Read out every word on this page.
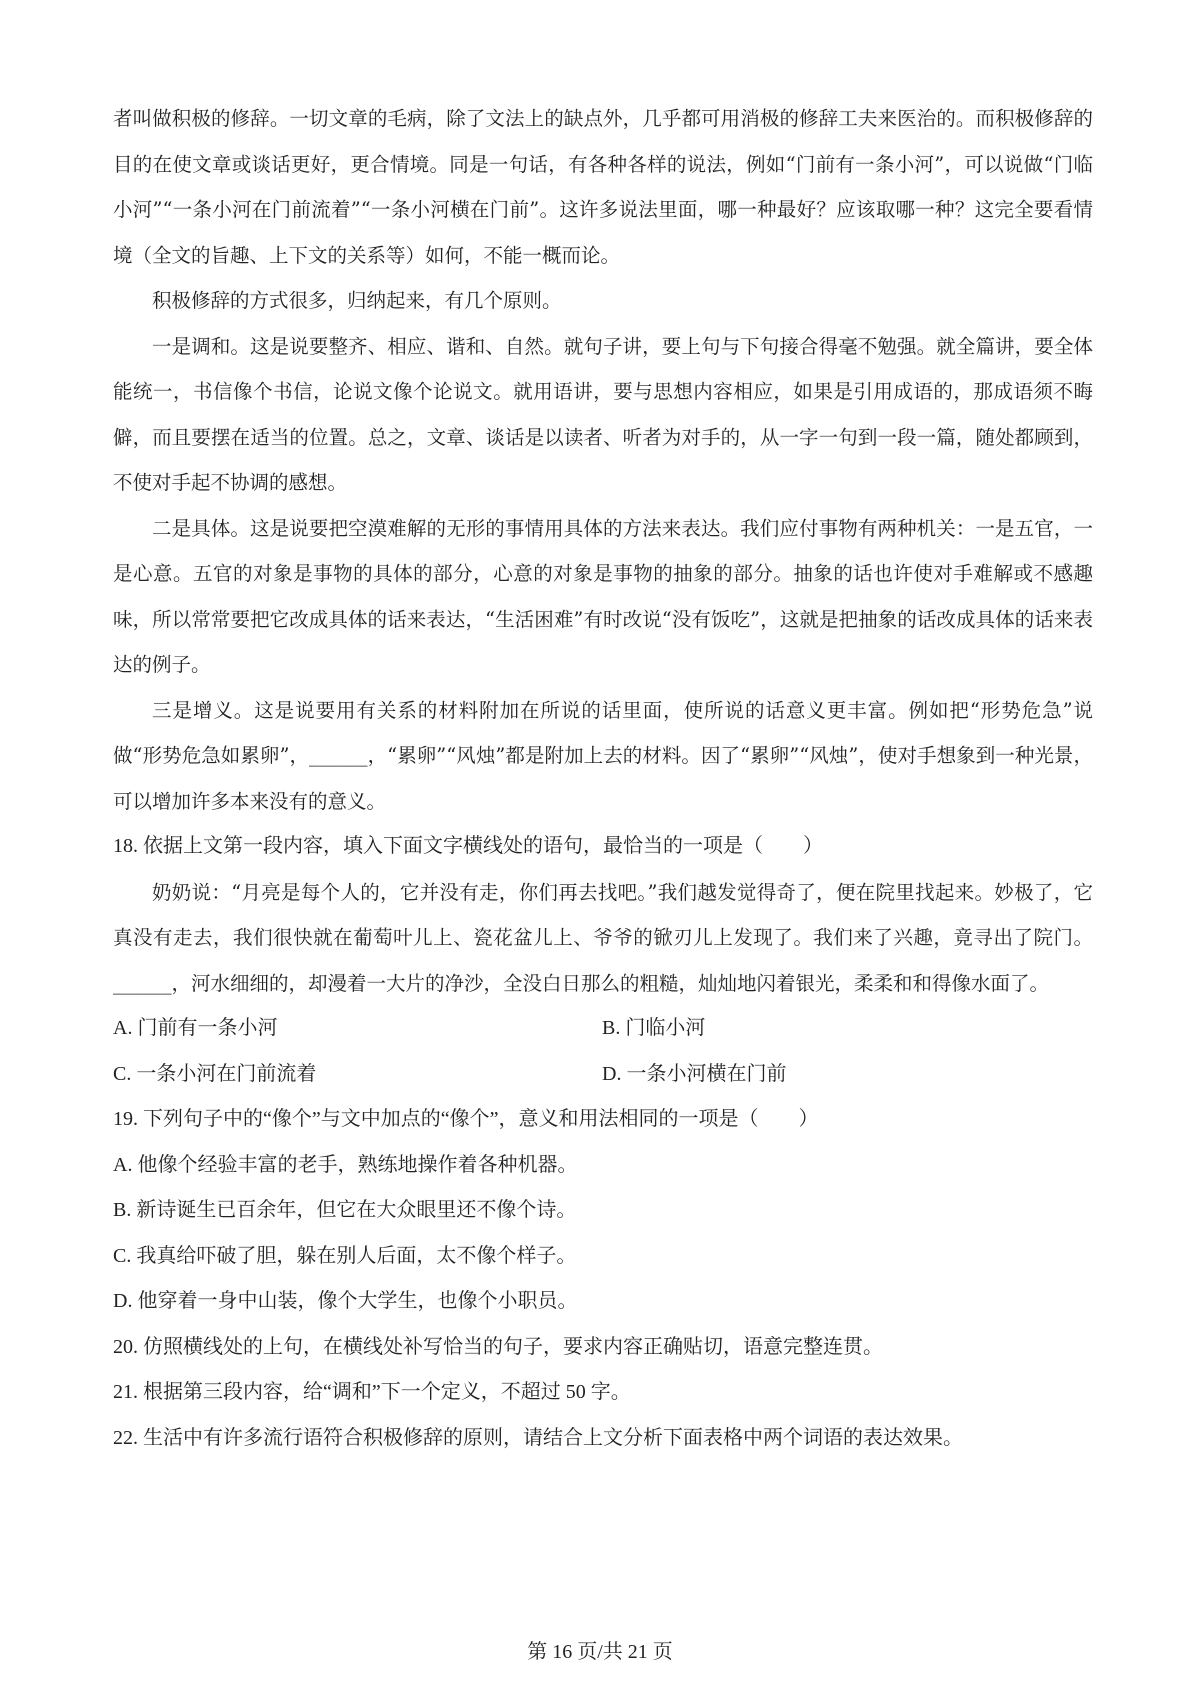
者叫做积极的修辞。一切文章的毛病，除了文法上的缺点外，几乎都可用消极的修辞工夫来医治的。而积极修辞的目的在使文章或谈话更好，更合情境。同是一句话，有各种各样的说法，例如“门前有一条小河”，可以说做“门临小河”“一条小河在门前流着”“一条小河横在门前”。这许多说法里面，哪一种最好？应该取哪一种？这完全要看情境（全文的旨趣、上下文的关系等）如何，不能一概而论。

积极修辞的方式很多，归纳起来，有几个原则。

一是调和。这是说要整齐、相应、谐和、自然。就句子讲，要上句与下句接合得毫不勉强。就全篇讲，要全体能统一，书信像个书信，论说文像个论说文。就用语讲，要与思想内容相应，如果是引用成语的，那成语须不晦僻，而且要摆在适当的位置。总之，文章、谈话是以读者、听者为对手的，从一字一句到一段一篇，随处都顾到，不使对手起不协调的感想。

二是具体。这是说要把空漠难解的无形的事情用具体的方法来表达。我们应付事物有两种机关：一是五官，一是心意。五官的对象是事物的具体的部分，心意的对象是事物的抽象的部分。抽象的话也许使对手难解或不感趣味，所以常常要把它改成具体的话来表达，“生活困难”有时改说“没有饭吃”，这就是把抽象的话改成具体的话来表达的例子。

三是增义。这是说要用有关系的材料附加在所说的话里面，使所说的话意义更丰富。例如把“形势危急”说做“形势危急如累卵”，______，“累卵”“风烛”都是附加上去的材料。因了“累卵”“风烛”，使对手想象到一种光景，可以增加许多本来没有的意义。

18. 依据上文第一段内容，填入下面文字横线处的语句，最恰当的一项是（　　）

奶奶说：“月亮是每个人的，它并没有走，你们再去找吧。”我们越发觉得奇了，便在院里找起来。妙极了，它真没有走去，我们很快就在葡萄叶儿上、瓷花盆儿上、爷爷的锨刃儿上发现了。我们来了兴趣，竟寻出了院门。______，河水细细的，却漫着一大片的净沙，全没白日那么的粗糙，灿灿地闪着银光，柔柔和和得像水面了。

A. 门前有一条小河	B. 门临小河
C. 一条小河在门前流着	D. 一条小河横在门前

19. 下列句子中的“像个”与文中加点的“像个”，意义和用法相同的一项是（　　）

A. 他像个经验丰富的老手，熟练地操作着各种机器。

B. 新诗诞生已百余年，但它在大众眼里还不像个诗。

C. 我真给吓破了胆，躲在别人后面，太不像个样子。

D. 他穿着一身中山装，像个大学生，也像个小职员。

20. 仿照横线处的上句，在横线处补写恰当的句子，要求内容正确贴切，语意完整连贯。

21. 根据第三段内容，给“调和”下一个定义，不超过 50 字。

22. 生活中有许多流行语符合积极修辞的原则，请结合上文分析下面表格中两个词语的表达效果。

第 16 页/共 21 页
